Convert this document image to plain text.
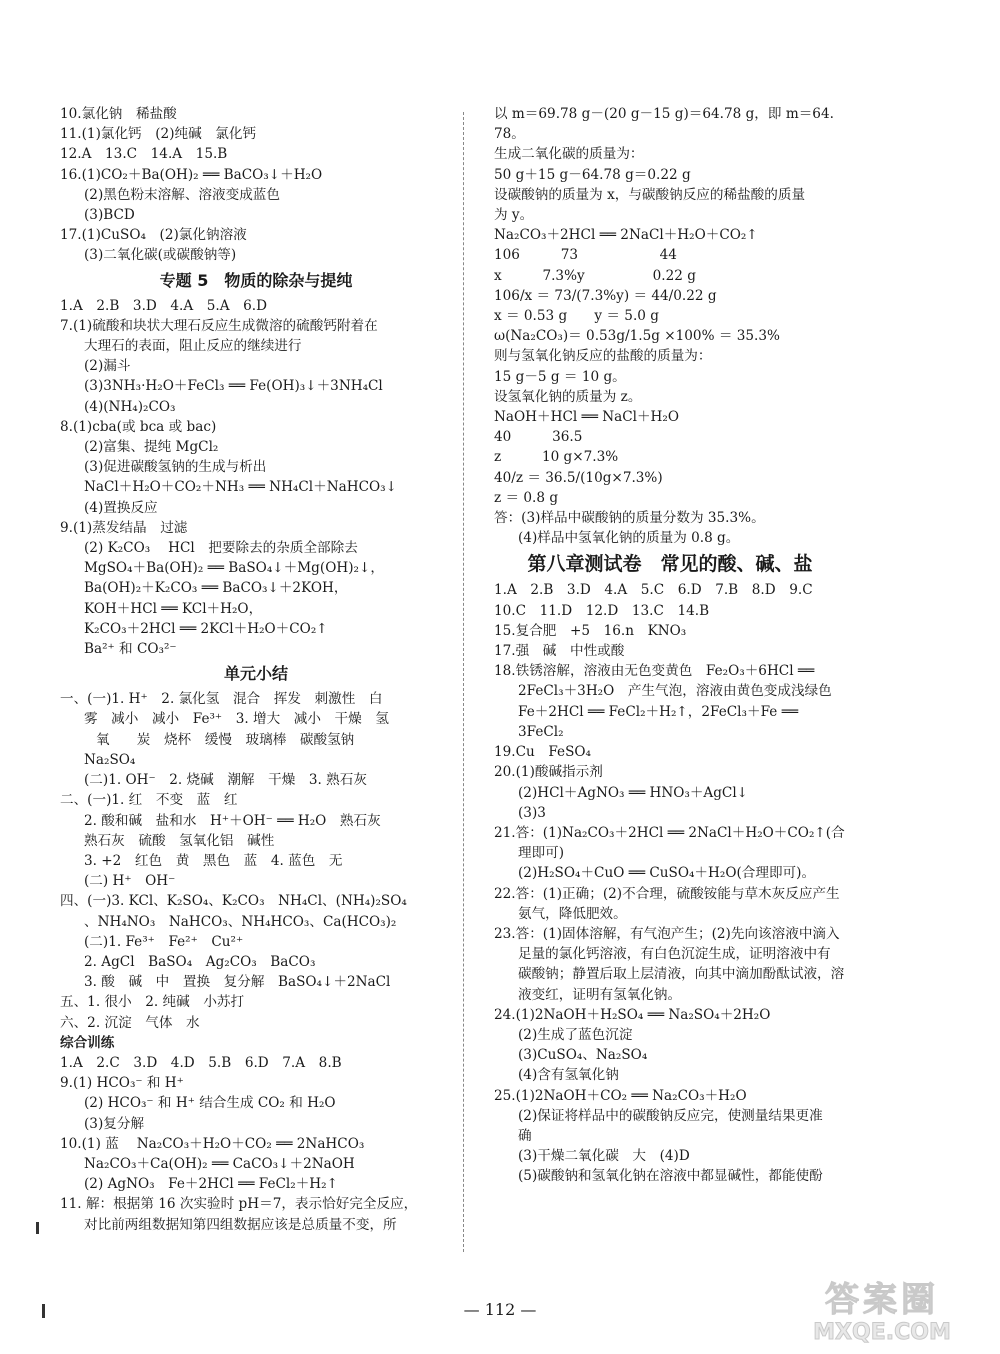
10.氯化钠　稀盐酸
11.(1)氯化钙　(2)纯碱　氯化钙
12.A　13.C　14.A　15.B
16.(1)CO₂＋Ba(OH)₂ ══ BaCO₃↓＋H₂O
(2)黑色粉末溶解、溶液变成蓝色
(3)BCD
17.(1)CuSO₄　(2)氯化钠溶液
(3)二氧化碳(或碳酸钠等)
专题 5　物质的除杂与提纯
1.A　2.B　3.D　4.A　5.A　6.D
7.(1)硫酸和块状大理石反应生成微溶的硫酸钙附着在
大理石的表面，阻止反应的继续进行
(2)漏斗
(3)3NH₃·H₂O＋FeCl₃ ══ Fe(OH)₃↓＋3NH₄Cl
(4)(NH₄)₂CO₃
8.(1)cba(或 bca 或 bac)
(2)富集、提纯 MgCl₂
(3)促进碳酸氢钠的生成与析出
NaCl＋H₂O＋CO₂＋NH₃ ══ NH₄Cl＋NaHCO₃↓
(4)置换反应
9.(1)蒸发结晶　过滤
(2) K₂CO₃　 HCl　把要除去的杂质全部除去
MgSO₄＋Ba(OH)₂ ══ BaSO₄↓＋Mg(OH)₂↓，
Ba(OH)₂＋K₂CO₃ ══ BaCO₃↓＋2KOH，
KOH＋HCl ══ KCl＋H₂O，
K₂CO₃＋2HCl ══ 2KCl＋H₂O＋CO₂↑
Ba²⁺ 和 CO₃²⁻
单元小结
一、(一)1. H⁺　2. 氯化氢　混合　挥发　刺激性　白
雾　减小　减小　Fe³⁺　3. 增大　减小　干燥　氢
氧　　炭　烧杯　缓慢　玻璃棒　碳酸氢钠
Na₂SO₄
(二)1. OH⁻　2. 烧碱　潮解　干燥　3. 熟石灰
二、(一)1. 红　不变　蓝　红
2. 酸和碱　盐和水　H⁺＋OH⁻ ══ H₂O　熟石灰
熟石灰　硫酸　氢氧化铝　碱性
3. +2　红色　黄　黑色　蓝　4. 蓝色　无
(二) H⁺　OH⁻
四、(一)3. KCl、K₂SO₄、K₂CO₃　NH₄Cl、(NH₄)₂SO₄
、NH₄NO₃　NaHCO₃、NH₄HCO₃、Ca(HCO₃)₂
(二)1. Fe³⁺　Fe²⁺　Cu²⁺
2. AgCl　BaSO₄　Ag₂CO₃　BaCO₃
3. 酸　碱　中　置换　复分解　BaSO₄↓＋2NaCl
五、1. 很小　2. 纯碱　小苏打
六、2. 沉淀　气体　水
综合训练
1.A　2.C　3.D　4.D　5.B　6.D　7.A　8.B
9.(1) HCO₃⁻ 和 H⁺
(2) HCO₃⁻ 和 H⁺ 结合生成 CO₂ 和 H₂O
(3)复分解
10.(1) 蓝　 Na₂CO₃＋H₂O＋CO₂ ══ 2NaHCO₃
Na₂CO₃＋Ca(OH)₂ ══ CaCO₃↓＋2NaOH
(2) AgNO₃　Fe＋2HCl ══ FeCl₂＋H₂↑
11. 解：根据第 16 次实验时 pH＝7，表示恰好完全反应，
对比前两组数据知第四组数据应该是总质量不变，所
以 m＝69.78 g－(20 g－15 g)＝64.78 g，即 m＝64.
78。
生成二氧化碳的质量为：
50 g＋15 g－64.78 g＝0.22 g
设碳酸钠的质量为 x，与碳酸钠反应的稀盐酸的质量
为 y。
Na₂CO₃＋2HCl ══ 2NaCl＋H₂O＋CO₂↑
106　　　73　　　　　　44
x　　　7.3%y　　　　　0.22 g
106/x ＝ 73/(7.3%y) ＝ 44/0.22 g
x ＝ 0.53 g　　y ＝ 5.0 g
ω(Na₂CO₃)＝ 0.53g/1.5g ×100% ＝ 35.3%
则与氢氧化钠反应的盐酸的质量为：
15 g－5 g ＝ 10 g。
设氢氧化钠的质量为 z。
NaOH＋HCl ══ NaCl＋H₂O
40　　　36.5
z　　　10 g×7.3%
40/z ＝ 36.5/(10g×7.3%)
z ＝ 0.8 g
答：(3)样品中碳酸钠的质量分数为 35.3%。
(4)样品中氢氧化钠的质量为 0.8 g。
第八章测试卷　常见的酸、碱、盐
1.A　2.B　3.D　4.A　5.C　6.D　7.B　8.D　9.C
10.C　11.D　12.D　13.C　14.B
15.复合肥　+5　16.n　KNO₃
17.强　碱　中性或酸
18.铁锈溶解，溶液由无色变黄色　Fe₂O₃＋6HCl ══
2FeCl₃＋3H₂O　产生气泡，溶液由黄色变成浅绿色
Fe＋2HCl ══ FeCl₂＋H₂↑，2FeCl₃＋Fe ══
3FeCl₂
19.Cu　FeSO₄
20.(1)酸碱指示剂
(2)HCl＋AgNO₃ ══ HNO₃＋AgCl↓
(3)3
21.答：(1)Na₂CO₃＋2HCl ══ 2NaCl＋H₂O＋CO₂↑(合
理即可)
(2)H₂SO₄＋CuO ══ CuSO₄＋H₂O(合理即可)。
22.答：(1)正确；(2)不合理，硫酸铵能与草木灰反应产生
氨气，降低肥效。
23.答：(1)固体溶解，有气泡产生；(2)先向该溶液中滴入
足量的氯化钙溶液，有白色沉淀生成，证明溶液中有
碳酸钠；静置后取上层清液，向其中滴加酚酞试液，溶
液变红，证明有氢氧化钠。
24.(1)2NaOH＋H₂SO₄ ══ Na₂SO₄＋2H₂O
(2)生成了蓝色沉淀
(3)CuSO₄、Na₂SO₄
(4)含有氢氧化钠
25.(1)2NaOH＋CO₂ ══ Na₂CO₃＋H₂O
(2)保证将样品中的碳酸钠反应完，使测量结果更准
确
(3)干燥二氧化碳　大　(4)D
(5)碳酸钠和氢氧化钠在溶液中都显碱性，都能使酚
— 112 —	答案圈
MXQE.COM
